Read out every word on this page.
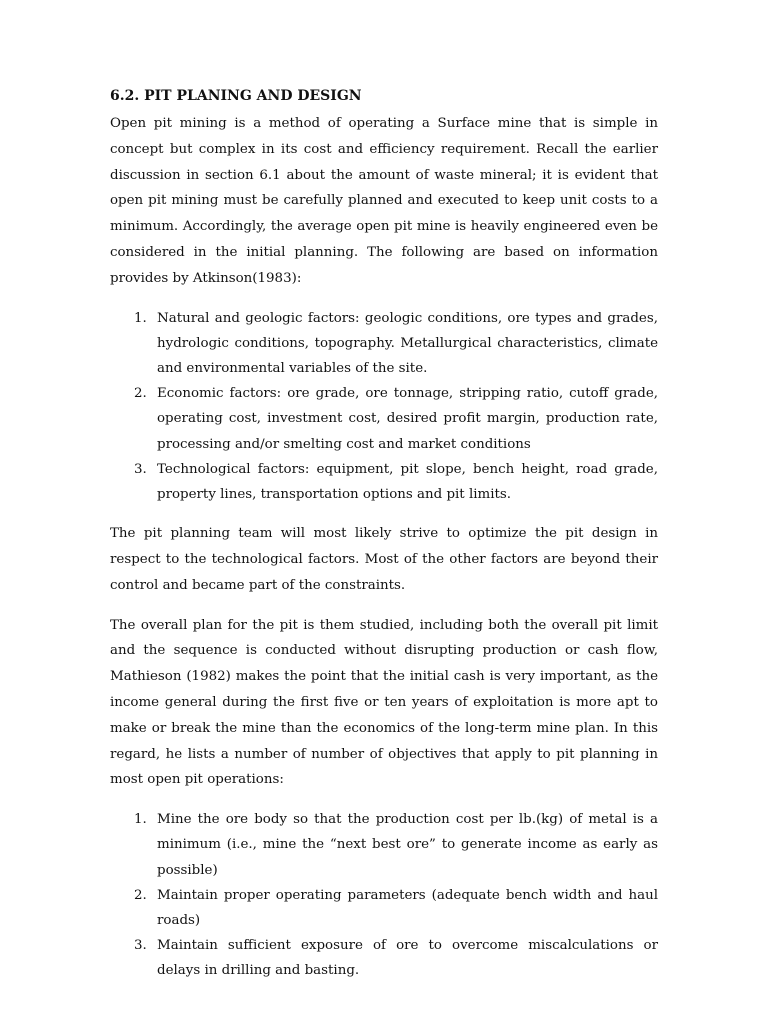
6.2. PIT PLANING AND DESIGN

Open pit mining is a method of operating a Surface mine that is simple in concept but complex in its cost and efficiency requirement. Recall the earlier discussion in section 6.1 about the amount of waste mineral; it is evident that open pit mining must be carefully planned and executed to keep unit costs to a minimum. Accordingly, the average open pit mine is heavily engineered even be considered in the initial planning. The following are based on information provides by Atkinson(1983):

1. Natural and geologic factors: geologic conditions, ore types and grades, hydrologic conditions, topography. Metallurgical characteristics, climate and environmental variables of the site.
2. Economic factors: ore grade, ore tonnage, stripping ratio, cutoff grade, operating cost, investment cost, desired profit margin, production rate, processing and/or smelting cost and market conditions
3. Technological factors: equipment, pit slope, bench height, road grade, property lines, transportation options and pit limits.

The pit planning team will most likely strive to optimize the pit design in respect to the technological factors. Most of the other factors are beyond their control and became part of the constraints.

The overall plan for the pit is them studied, including both the overall pit limit and the sequence is conducted without disrupting production or cash flow, Mathieson (1982) makes the point that the initial cash is very important, as the income general during the first five or ten years of exploitation is more apt to make or break the mine than the economics of the long-term mine plan. In this regard, he lists a number of number of objectives that apply to pit planning in most open pit operations:

1. Mine the ore body so that the production cost per lb.(kg) of metal is a minimum (i.e., mine the “next best ore” to generate income as early as possible)
2. Maintain proper operating parameters (adequate bench width and haul roads)
3. Maintain sufficient exposure of ore to overcome miscalculations or delays in drilling and basting.
